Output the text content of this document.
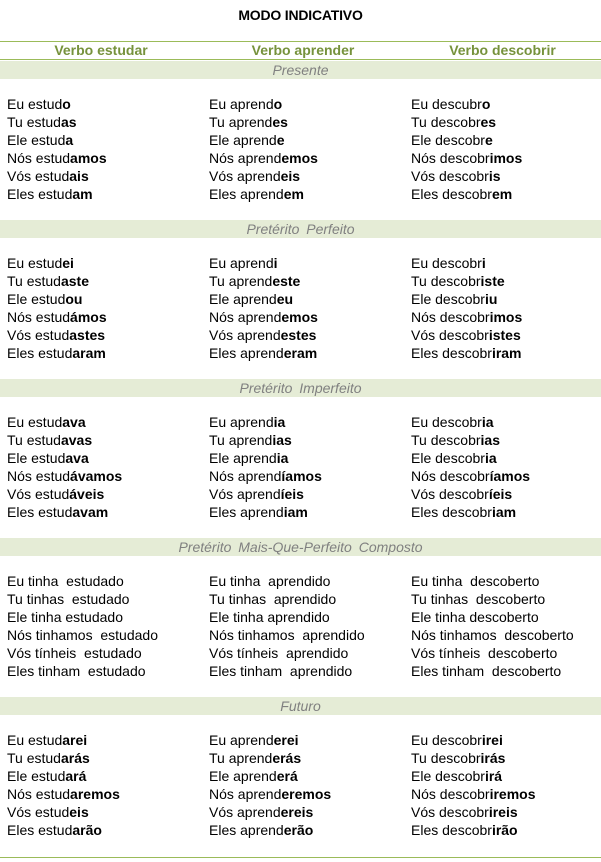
MODO INDICATIVO
Verbo estudar	Verbo aprender	Verbo descobrir
Presente
Eu estudo
Tu estudas
Ele estuda
Nós estudamos
Vós estudais
Eles estudam
Eu aprendo
Tu aprendes
Ele aprende
Nós aprendemos
Vós aprendeis
Eles aprendem
Eu descubro
Tu descobres
Ele descobre
Nós descobrimos
Vós descobris
Eles descobrem
Pretérito Perfeito
Eu estudei
Tu estudaste
Ele estudou
Nós estudámos
Vós estudastes
Eles estudaram
Eu aprendi
Tu aprendeste
Ele aprendeu
Nós aprendemos
Vós aprendestes
Eles aprenderam
Eu descobri
Tu descobriste
Ele descobriu
Nós descobrimos
Vós descobristes
Eles descobriram
Pretérito Imperfeito
Eu estudava
Tu estudavas
Ele estudava
Nós estudávamos
Vós estudáveis
Eles estudavam
Eu aprendia
Tu aprendias
Ele aprendia
Nós aprendíamos
Vós aprendíeis
Eles aprendiam
Eu descobria
Tu descobrias
Ele descobria
Nós descobríamos
Vós descobríeis
Eles descobriam
Pretérito Mais-Que-Perfeito Composto
Eu tinha  estudado
Tu tinhas  estudado
Ele tinha estudado
Nós tinhamos  estudado
Vós tínheis  estudado
Eles tinham  estudado
Eu tinha  aprendido
Tu tinhas  aprendido
Ele tinha aprendido
Nós tinhamos  aprendido
Vós tínheis  aprendido
Eles tinham  aprendido
Eu tinha  descoberto
Tu tinhas  descoberto
Ele tinha descoberto
Nós tinhamos  descoberto
Vós tínheis  descoberto
Eles tinham  descoberto
Futuro
Eu estudarei
Tu estudarás
Ele estudará
Nós estudaremos
Vós estudeis
Eles estudarão
Eu aprenderei
Tu aprenderás
Ele aprenderá
Nós aprenderemos
Vós aprendereis
Eles aprenderão
Eu descobrirei
Tu descobrirás
Ele descobrirá
Nós descobriremos
Vós descobrireis
Eles descobrirão
